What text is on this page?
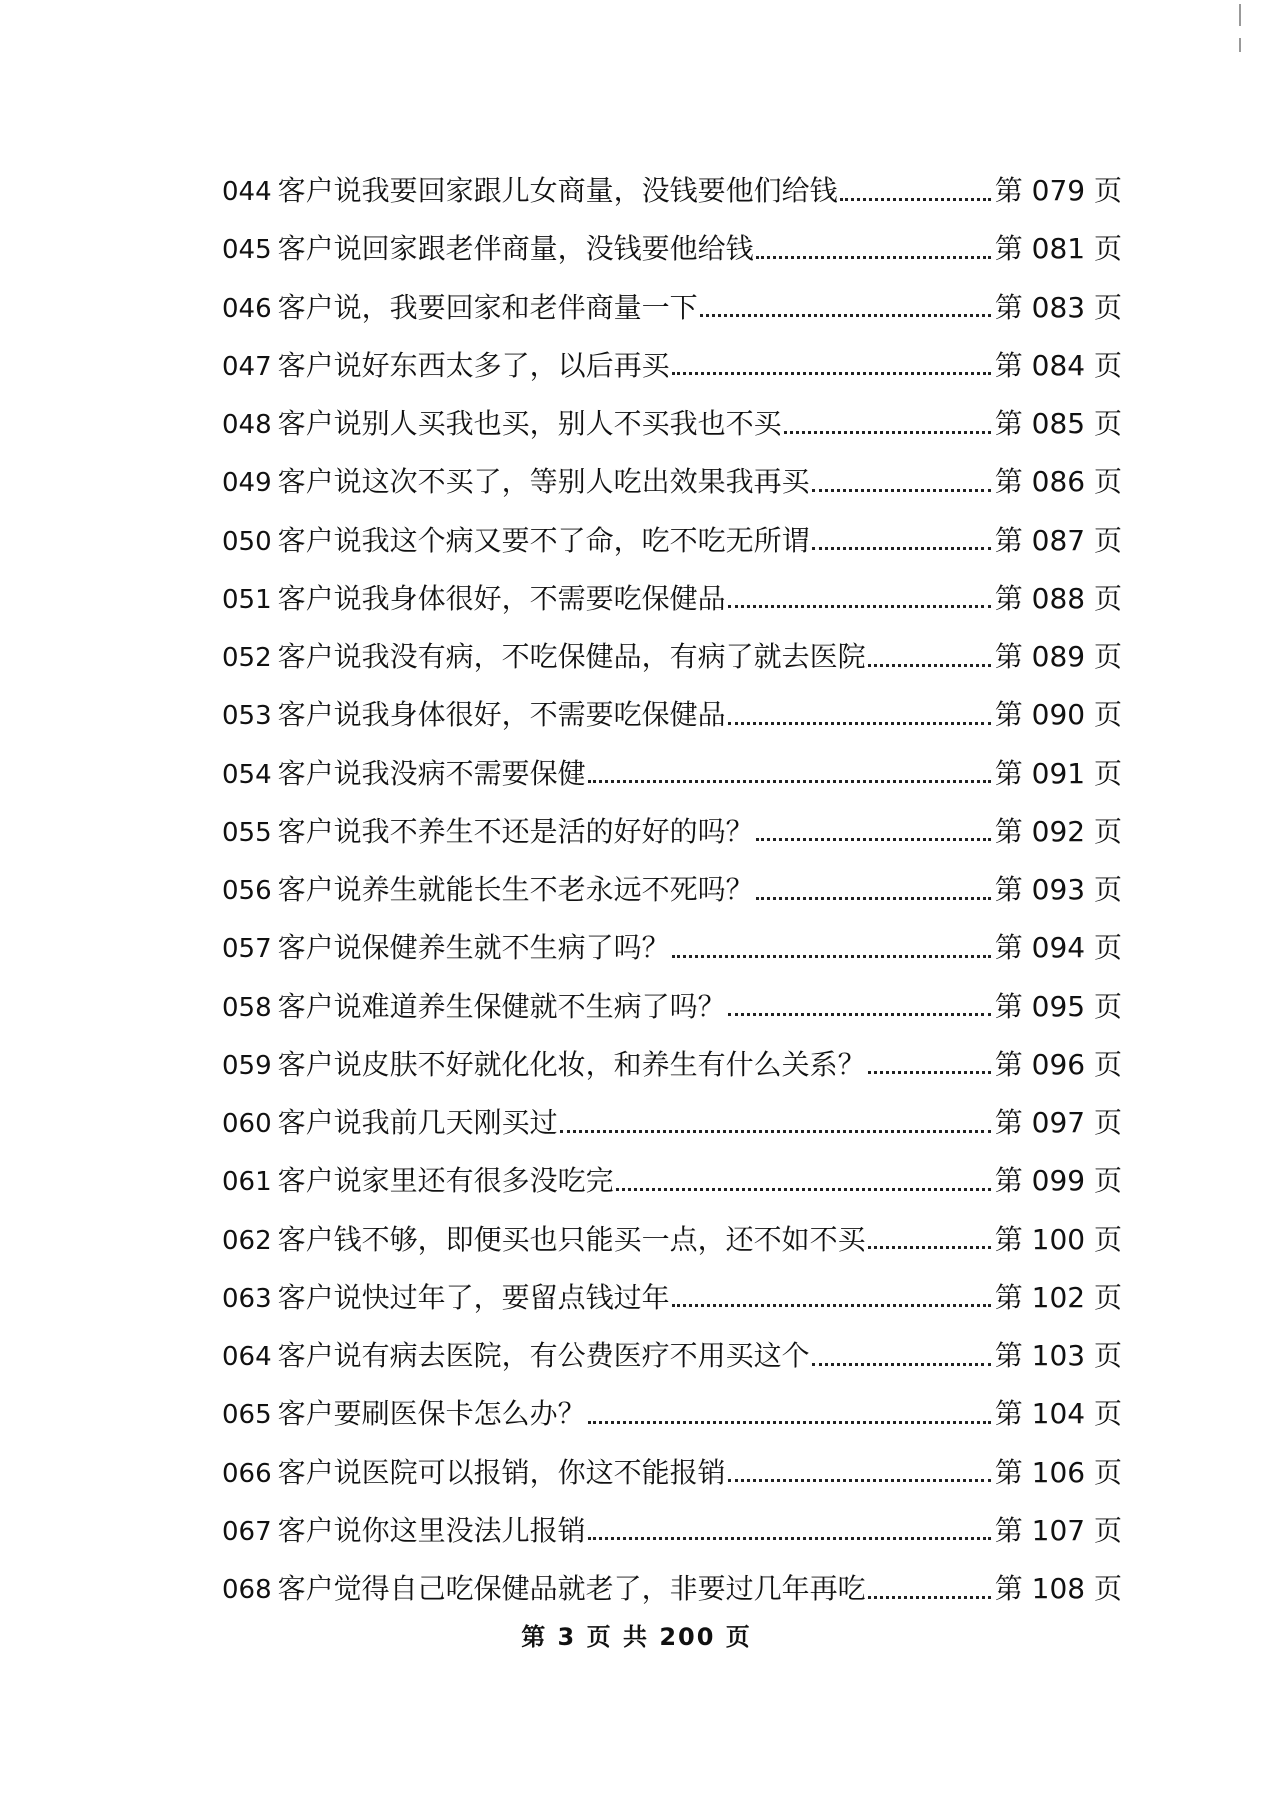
044 客户说我要回家跟儿女商量，没钱要他们给钱	第 079 页
045 客户说回家跟老伴商量，没钱要他给钱	第 081 页
046 客户说，我要回家和老伴商量一下	第 083 页
047 客户说好东西太多了，以后再买	第 084 页
048 客户说别人买我也买，别人不买我也不买	第 085 页
049 客户说这次不买了，等别人吃出效果我再买	第 086 页
050 客户说我这个病又要不了命，吃不吃无所谓	第 087 页
051 客户说我身体很好，不需要吃保健品	第 088 页
052 客户说我没有病，不吃保健品，有病了就去医院	第 089 页
053 客户说我身体很好，不需要吃保健品	第 090 页
054 客户说我没病不需要保健	第 091 页
055 客户说我不养生不还是活的好好的吗？	第 092 页
056 客户说养生就能长生不老永远不死吗？	第 093 页
057 客户说保健养生就不生病了吗？	第 094 页
058 客户说难道养生保健就不生病了吗？	第 095 页
059 客户说皮肤不好就化化妆，和养生有什么关系？	第 096 页
060 客户说我前几天刚买过	第 097 页
061 客户说家里还有很多没吃完	第 099 页
062 客户钱不够，即便买也只能买一点，还不如不买	第 100 页
063 客户说快过年了，要留点钱过年	第 102 页
064 客户说有病去医院，有公费医疗不用买这个	第 103 页
065 客户要刷医保卡怎么办？	第 104 页
066 客户说医院可以报销，你这不能报销	第 106 页
067 客户说你这里没法儿报销	第 107 页
068 客户觉得自己吃保健品就老了，非要过几年再吃	第 108 页
第 3 页 共 200 页
